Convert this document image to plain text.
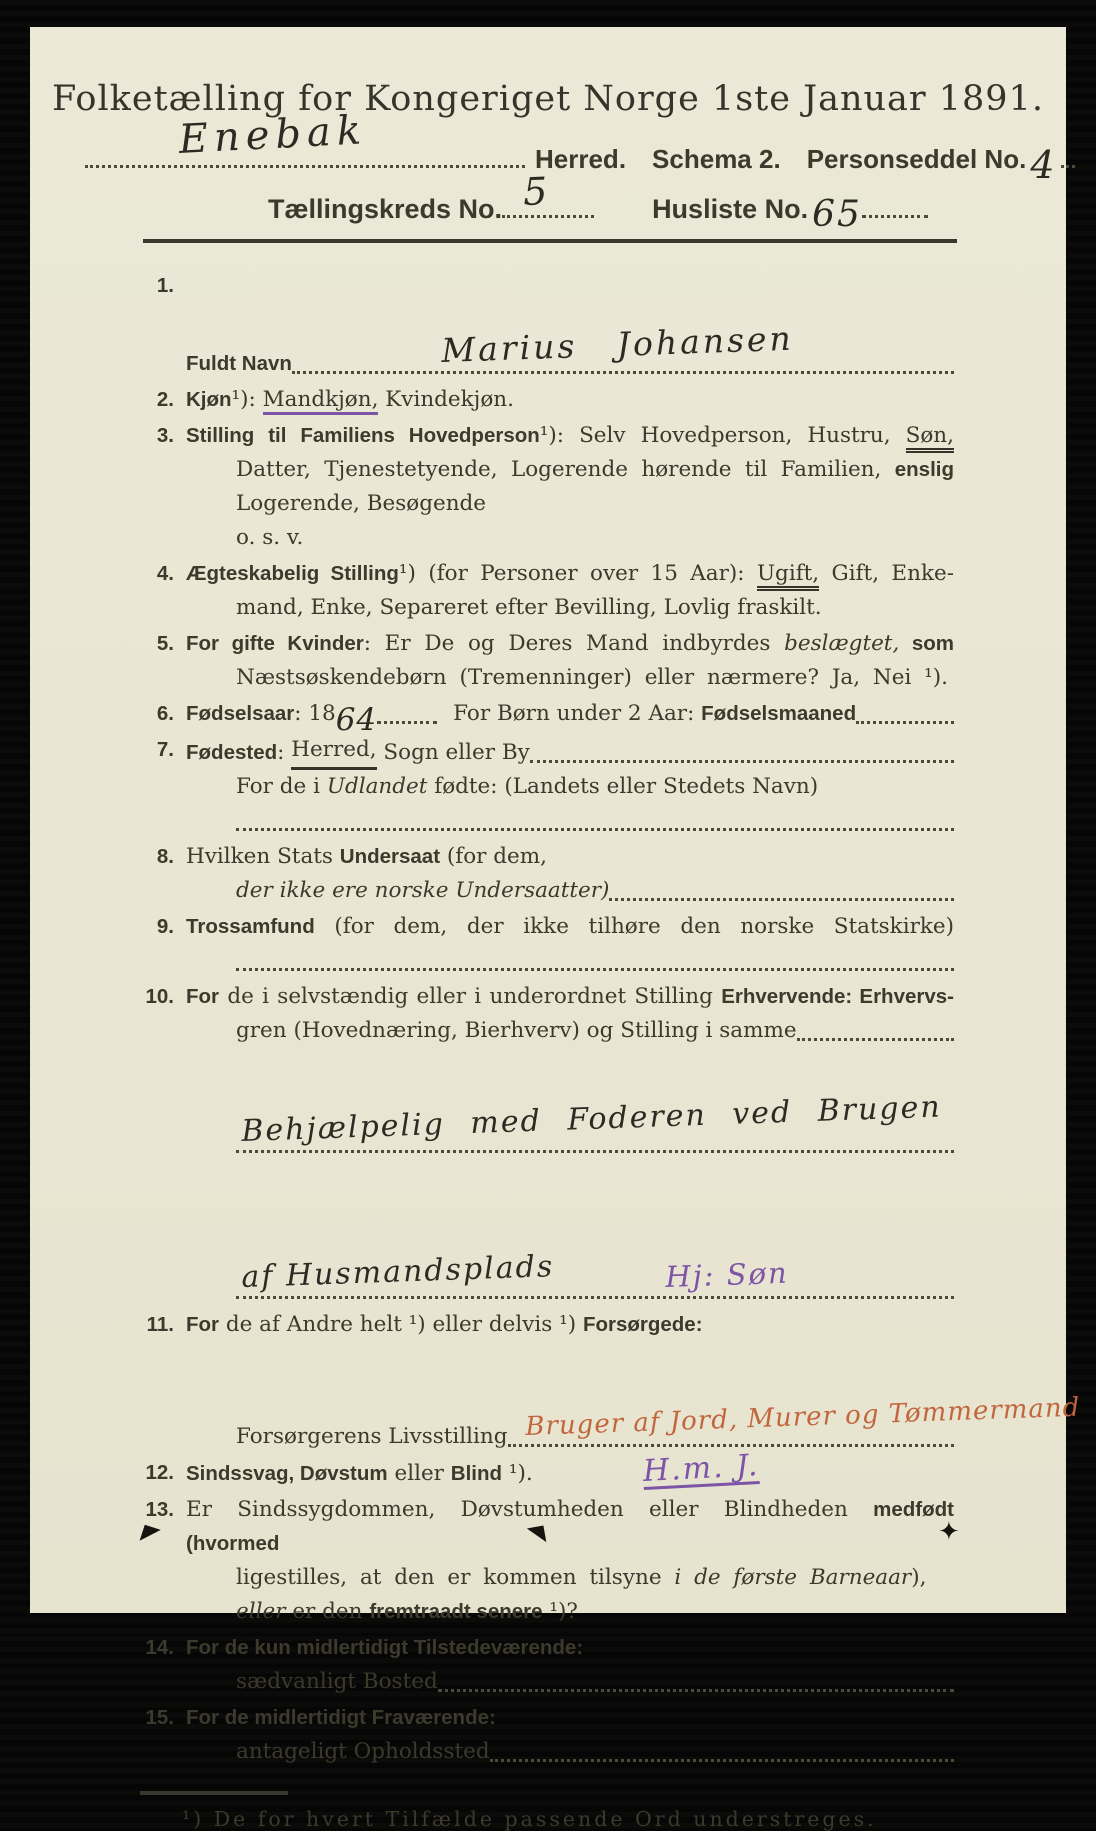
Folketælling for Kongeriget Norge 1ste Januar 1891.
Enebak	Herred. Schema 2. Personseddel No. 4
Tællingskreds No. 5	Husliste No. 65
1.
Fuldt Navn

	Marius Johansen

2. Kjøn¹): Mandkjøn, Kvindekjøn.
3. Stilling til Familiens Hovedperson¹): Selv Hovedperson, Hustru, Søn,
Datter, Tjenestetyende, Logerende hørende til Familien, enslig
Logerende, Besøgende
o. s. v.
4. Ægteskabelig Stilling¹) (for Personer over 15 Aar): Ugift, Gift, Enke-
mand, Enke, Separeret efter Bevilling, Lovlig fraskilt.
5. For gifte Kvinder: Er De og Deres Mand indbyrdes beslægtet, som
Næstsøskendebørn (Tremenninger) eller nærmere? Ja, Nei ¹).
6. Fødselsaar : 18 64	For Børn under 2 Aar: Fødselsmaaned
7. Fødested : Herred, Sogn eller By
For de i Udlandet fødte: (Landets eller Stedets Navn)
8. Hvilken Stats Undersaat (for dem,
der ikke ere norske Undersaatter)
9. Trossamfund (for dem, der ikke tilhøre den norske Statskirke)
10. For de i selvstændig eller i underordnet Stilling Erhvervende: Erhvervs-
gren (Hovednæring, Bierhverv) og Stilling i samme

Behjælpelig med Foderen ved Brugen

af Husmandsplads

	Hj: Søn

11. For de af Andre helt ¹) eller delvis ¹) Forsørgede:
Forsørgerens Livsstilling

Bruger af Jord, Murer og Tømmermand

12. Sindssvag, Døvstum eller Blind ¹).	H.m. J.
13. Er Sindssygdommen, Døvstumheden eller Blindheden medfødt (hvormed
ligestilles, at den er kommen tilsyne i de første Barneaar),
eller er den fremtraadt senere ¹)?
14. For de kun midlertidigt Tilstedeværende:
sædvanligt Bosted
15. For de midlertidigt Fraværende:
antageligt Opholdssted
¹) De for hvert Tilfælde passende Ord understreges.
◤	◥	✦
